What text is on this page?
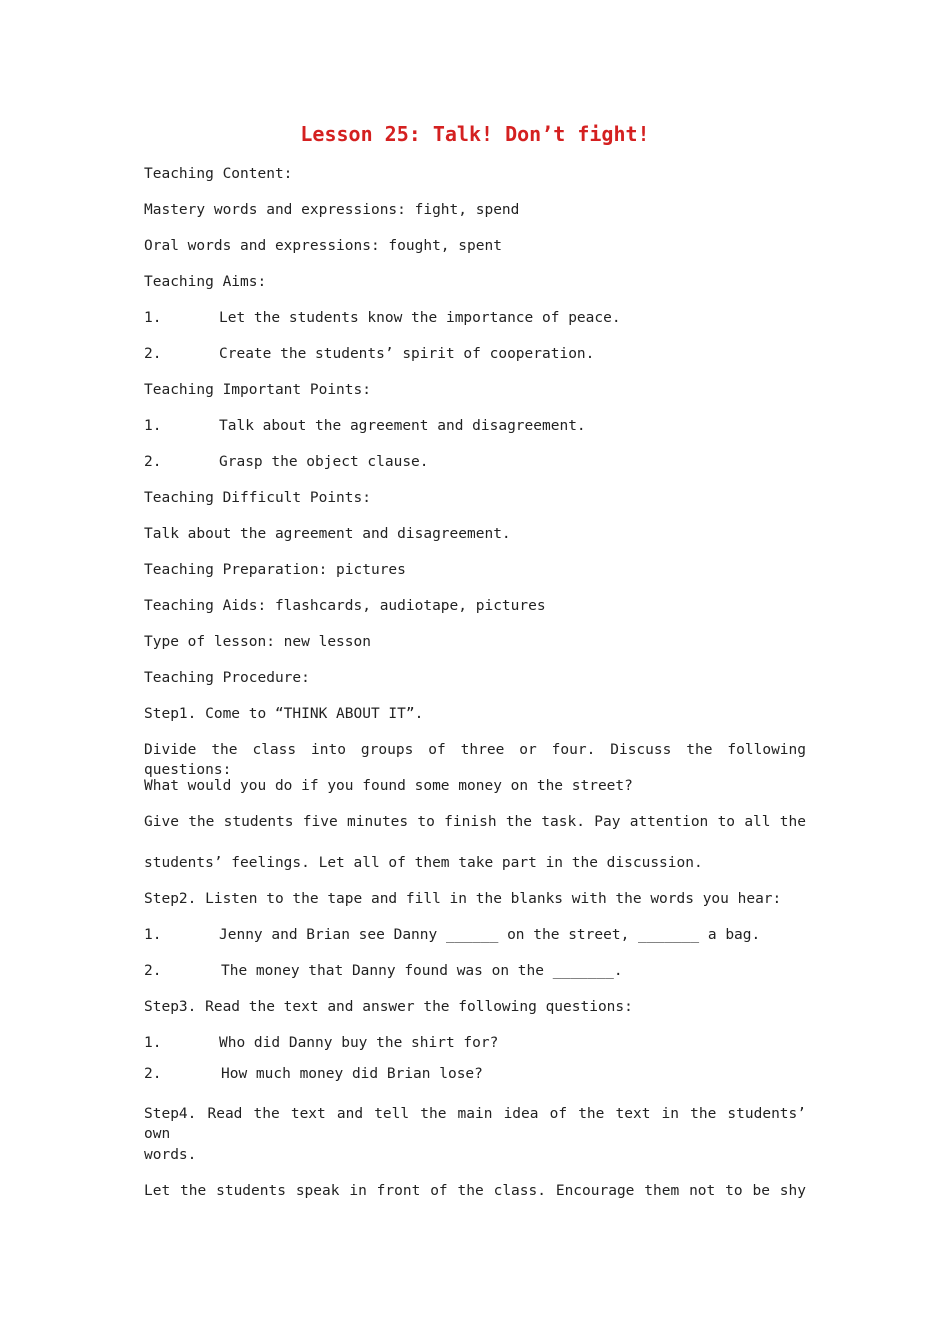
Lesson 25: Talk! Don’t fight!
Teaching Content:
Mastery words and expressions: fight, spend
Oral words and expressions: fought, spent
Teaching Aims:
1.	Let the students know the importance of peace.
2.	Create the students’ spirit of cooperation.
Teaching Important Points:
1.	Talk about the agreement and disagreement.
2.	Grasp the object clause.
Teaching Difficult Points:
Talk about the agreement and disagreement.
Teaching Preparation: pictures
Teaching Aids: flashcards, audiotape, pictures
Type of lesson: new lesson
Teaching Procedure:
Step1. Come to “THINK ABOUT IT”.
Divide the class into groups of three or four. Discuss the following questions:
What would you do if you found some money on the street?
Give the students five minutes to finish the task. Pay attention to all the
students’ feelings. Let all of them take part in the discussion.
Step2. Listen to the tape and fill in the blanks with the words you hear:
1.	Jenny and Brian see Danny ______ on the street, _______ a bag.
2.	The money that Danny found was on the _______.
Step3. Read the text and answer the following questions:
1.	Who did Danny buy the shirt for?
2.	How much money did Brian lose?
Step4. Read the text and tell the main idea of the text in the students’ own
words.
Let the students speak in front of the class. Encourage them not to be shy
